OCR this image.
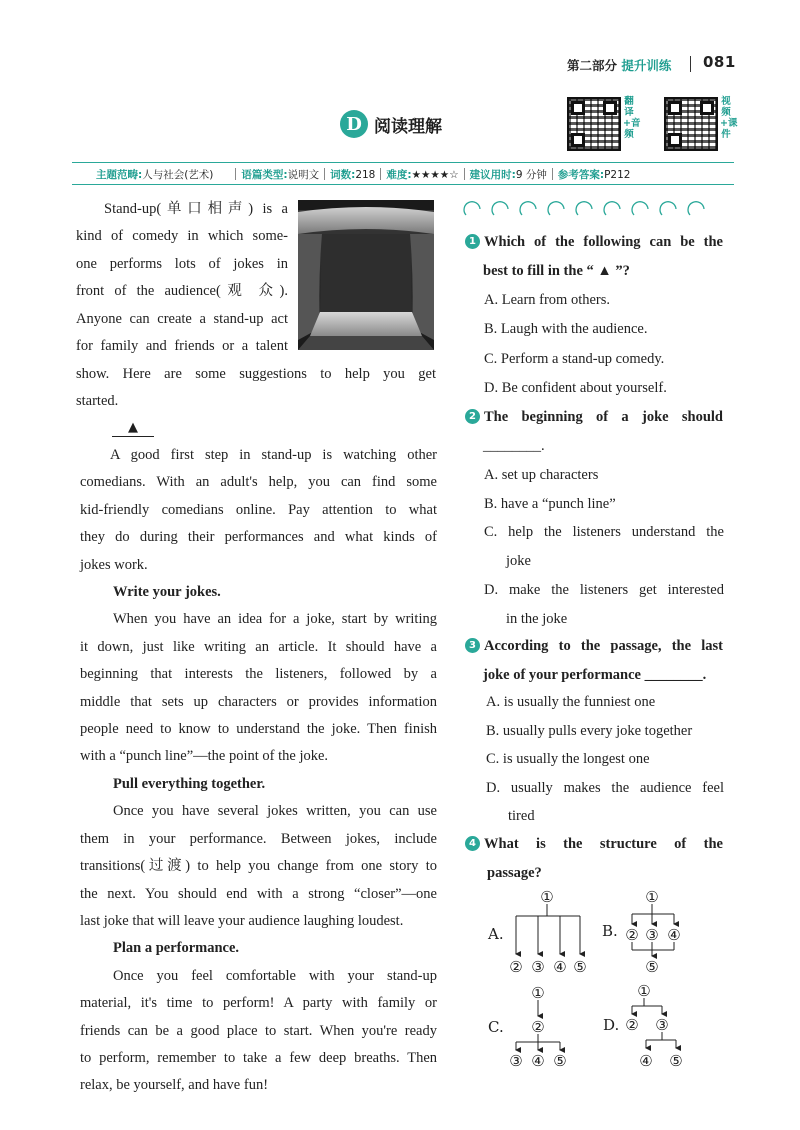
第二部分 提升训练 081
D 阅读理解
翻译+音频
视频+课件
主题范畴:人与社会(艺术)	语篇类型:说明文 词数:218 难度:★★★★☆ 建议用时:9 分钟 参考答案:P212
Stand-up(单口相声) is a
kind of comedy in which some-
one performs lots of jokes in
front of the audience(观 众).
Anyone can create a stand-up act
for family and friends or a talent
show. Here are some suggestions to help you get
started.
▲
A good first step in stand-up is watching other
comedians. With an adult's help, you can find some
kid-friendly comedians online. Pay attention to what
they do during their performances and what kinds of
jokes work.
Write your jokes.
When you have an idea for a joke, start by writing
it down, just like writing an article. It should have a
beginning that interests the listeners, followed by a
middle that sets up characters or provides information
people need to know to understand the joke. Then finish
with a “punch line”—the point of the joke.
Pull everything together.
Once you have several jokes written, you can use
them in your performance. Between jokes, include
transitions(过渡) to help you change from one story to
the next. You should end with a strong “closer”—one
last joke that will leave your audience laughing loudest.
Plan a performance.
Once you feel comfortable with your stand-up
material, it's time to perform! A party with family or
friends can be a good place to start. When you're ready
to perform, remember to take a few deep breaths. Then
relax, be yourself, and have fun!
1 Which of the following can be the
best to fill in the “ ▲ ”?
A. Learn from others.
B. Laugh with the audience.
C. Perform a stand-up comedy.
D. Be confident about yourself.
2 The beginning of a joke should
________.
A. set up characters
B. have a “punch line”
C. help the listeners understand the
joke
D. make the listeners get interested
in the joke
3 According to the passage, the last
joke of your performance ________.
A. is usually the funniest one
B. usually pulls every joke together
C. is usually the longest one
D. usually makes the audience feel
tired
4 What is the structure of the
passage?
A.	B.
C.	D.
①
② ③ ④ ⑤
①
② ③ ④
⑤
①
②
③ ④ ⑤
①
② ③
④ ⑤
